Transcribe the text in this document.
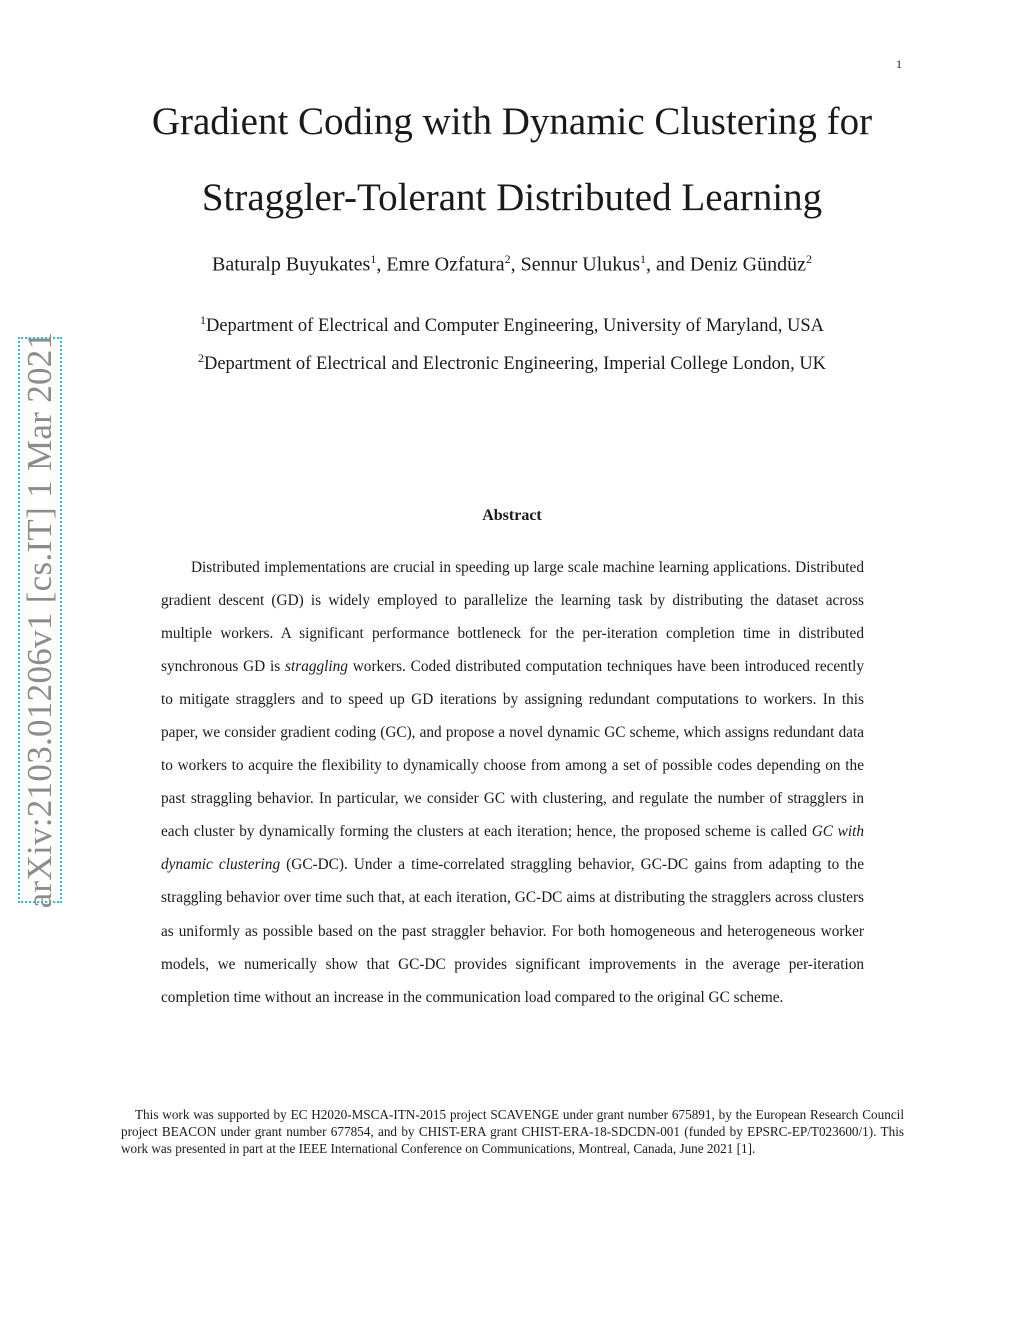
1
arXiv:2103.01206v1 [cs.IT] 1 Mar 2021
Gradient Coding with Dynamic Clustering for
Straggler-Tolerant Distributed Learning
Baturalp Buyukates$^1$, Emre Ozfatura$^2$, Sennur Ulukus$^1$, and Deniz Gündüz$^2$
$^1$Department of Electrical and Computer Engineering, University of Maryland, USA
$^2$Department of Electrical and Electronic Engineering, Imperial College London, UK
Abstract

Distributed implementations are crucial in speeding up large scale machine learning applications. Distributed gradient descent (GD) is widely employed to parallelize the learning task by distributing the dataset across multiple workers. A significant performance bottleneck for the per-iteration completion time in distributed synchronous GD is straggling workers. Coded distributed computation techniques have been introduced recently to mitigate stragglers and to speed up GD iterations by assigning redundant computations to workers. In this paper, we consider gradient coding (GC), and propose a novel dynamic GC scheme, which assigns redundant data to workers to acquire the flexibility to dynamically choose from among a set of possible codes depending on the past straggling behavior. In particular, we consider GC with clustering, and regulate the number of stragglers in each cluster by dynamically forming the clusters at each iteration; hence, the proposed scheme is called GC with dynamic clustering (GC-DC). Under a time-correlated straggling behavior, GC-DC gains from adapting to the straggling behavior over time such that, at each iteration, GC-DC aims at distributing the stragglers across clusters as uniformly as possible based on the past straggler behavior. For both homogeneous and heterogeneous worker models, we numerically show that GC-DC provides significant improvements in the average per-iteration completion time without an increase in the communication load compared to the original GC scheme.

This work was supported by EC H2020-MSCA-ITN-2015 project SCAVENGE under grant number 675891, by the European Research Council project BEACON under grant number 677854, and by CHIST-ERA grant CHIST-ERA-18-SDCDN-001 (funded by EPSRC-EP/T023600/1). This work was presented in part at the IEEE International Conference on Communications, Montreal, Canada, June 2021 [1].
